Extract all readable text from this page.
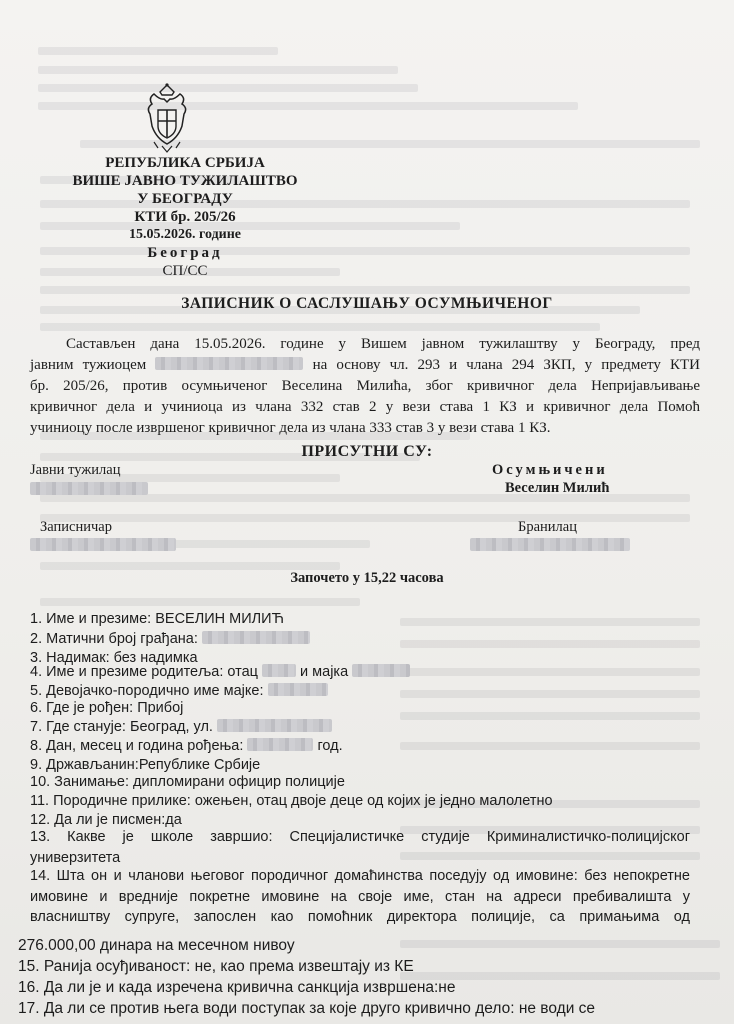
РЕПУБЛИКА СРБИЈА
ВИШЕ ЈАВНО ТУЖИЛАШТВО
У БЕОГРАДУ
КТИ бр. 205/26
15.05.2026. године
Београд
СП/СС
ЗАПИСНИК О САСЛУШАЊУ ОСУМЊИЧЕНОГ
Састављен дана 15.05.2026. године у Вишем јавном тужилаштву у Београду, пред
јавним тужиоцем	на основу чл. 293 и члана 294 ЗКП, у предмету КТИ
бр. 205/26, против осумњиченог Веселина Милића, због кривичног дела Непријављивање
кривичног дела и учиниоца из члана 332 став 2 у вези става 1 КЗ и кривичног дела Помоћ
учиниоцу после извршеног кривичног дела из члана 333 став 3 у вези става 1 КЗ.
ПРИСУТНИ СУ:
Јавни тужилац	Осумњичени
Веселин Милић
Записничар	Бранилац
Започето у 15,22 часова
1. Име и презиме: ВЕСЕЛИН МИЛИЋ
2. Матични број грађана:
3. Надимак: без надимка
4. Име и презиме родитеља: отац	и мајка
5. Девојачко-породично име мајке:
6. Где је рођен: Прибој
7. Где станује: Београд, ул.
8. Дан, месец и година рођења:	год.
9. Држављанин:Републике Србије
10. Занимање: дипломирани официр полиције
11. Породичне прилике: ожењен, отац двоје деце од којих је једно малолетно
12. Да ли је писмен:да
13. Какве је школе завршио: Специјалистичке студије Криминалистичко-полицијског
универзитета
14. Шта он и чланови његовог породичног домаћинства поседују од имовине: без непокретне
имовине и вредније покретне имовине на своје име, стан на адреси пребивалишта у
власништву супруге, запослен као помоћник директора полиције, са примањима од
276.000,00 динара на месечном нивоу
15. Ранија осуђиваност: не, као према извештају из КЕ
16. Да ли је и када изречена кривична санкција извршена:не
17. Да ли се против њега води поступак за које друго кривично дело: не води се
